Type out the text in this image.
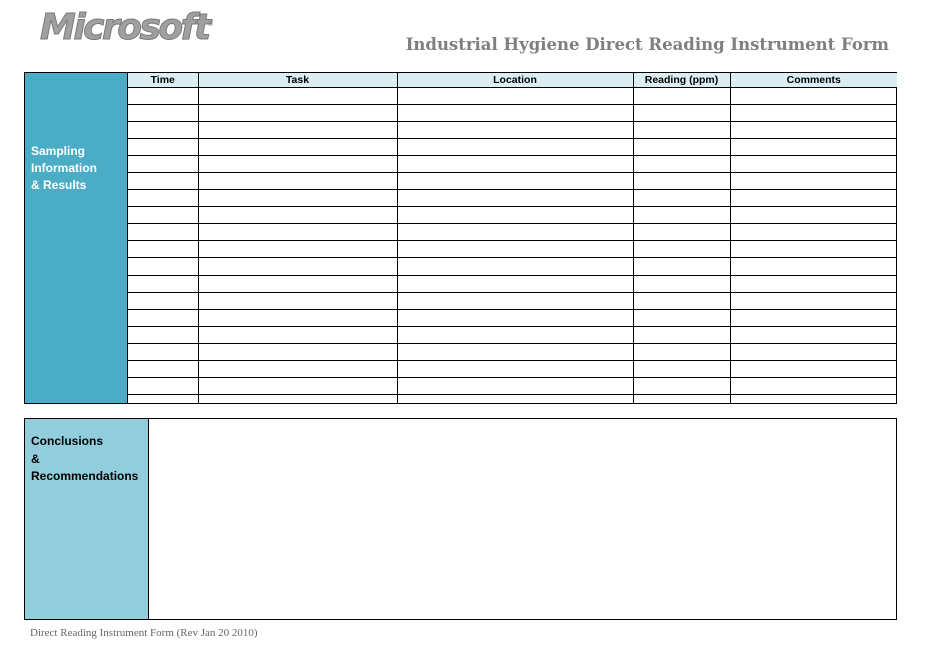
Microsoft
®
Industrial Hygiene Direct Reading Instrument Form
Sampling
Information
& Results
Time	Task	Location	Reading (ppm)	Comments

Conclusions
&
Recommendations
Direct Reading Instrument Form (Rev Jan 20 2010)
